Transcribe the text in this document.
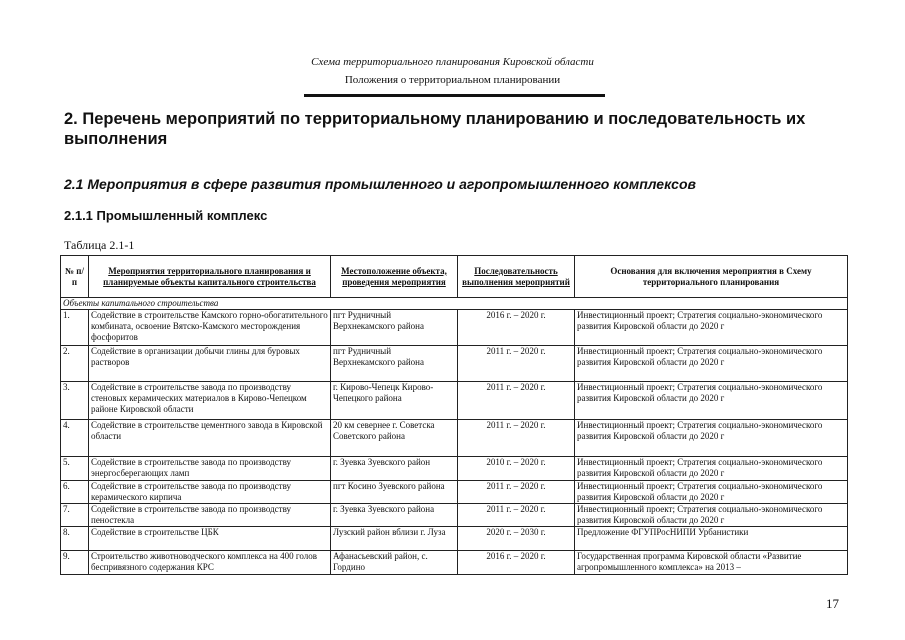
Схема территориального планирования Кировской области
Положения о территориальном планировании
2. Перечень мероприятий по территориальному планированию и последовательность их выполнения
2.1 Мероприятия в сфере развития промышленного и агропромышленного комплексов
2.1.1 Промышленный комплекс
Таблица 2.1-1
№ п/п	Мероприятия территориального планирования и планируемые объекты капитального строительства	Местоположение объекта, проведения мероприятия	Последовательность выполнения мероприятий	Основания для включения мероприятия в Схему территориального планирования
Объекты капитального строительства				
1.	Содействие в строительстве Камского горно-обогатительного комбината, освоение Вятско-Камского месторождения фосфоритов	пгт Рудничный Верхнекамского района	2016 г. – 2020 г.	Инвестиционный проект; Стратегия социально-экономического развития Кировской области до 2020 г
2.	Содействие в организации добычи глины для буровых растворов	пгт Рудничный Верхнекамского района	2011 г. – 2020 г.	Инвестиционный проект; Стратегия социально-экономического развития Кировской области до 2020 г
3.	Содействие в строительстве завода по производству стеновых керамических материалов в Кирово-Чепецком районе Кировской области	г. Кирово-Чепецк Кирово-Чепецкого района	2011 г. – 2020 г.	Инвестиционный проект; Стратегия социально-экономического развития Кировской области до 2020 г
4.	Содействие в строительстве цементного завода в Кировской области	20 км севернее г. Советска Советского района	2011 г. – 2020 г.	Инвестиционный проект; Стратегия социально-экономического развития Кировской области до 2020 г
5.	Содействие в строительстве завода по производству энергосберегающих ламп	г. Зуевка Зуевского район	2010 г. – 2020 г.	Инвестиционный проект; Стратегия социально-экономического развития Кировской области до 2020 г
6.	Содействие в строительстве завода по производству керамического кирпича	пгт Косино Зуевского района	2011 г. – 2020 г.	Инвестиционный проект; Стратегия социально-экономического развития Кировской области до 2020 г
7.	Содействие в строительстве завода по производству пеностекла	г. Зуевка Зуевского района	2011 г. – 2020 г.	Инвестиционный проект; Стратегия социально-экономического развития Кировской области до 2020 г
8.	Содействие в строительстве ЦБК	Лузский район вблизи г. Луза	2020 г. – 2030 г.	Предложение ФГУПРосНИПИ Урбанистики
9.	Строительство животноводческого комплекса на 400 голов беспривязного содержания КРС	Афанасьевский район, с. Гордино	2016 г. – 2020 г.	Государственная программа Кировской области «Развитие агропромышленного комплекса» на 2013 –
17
